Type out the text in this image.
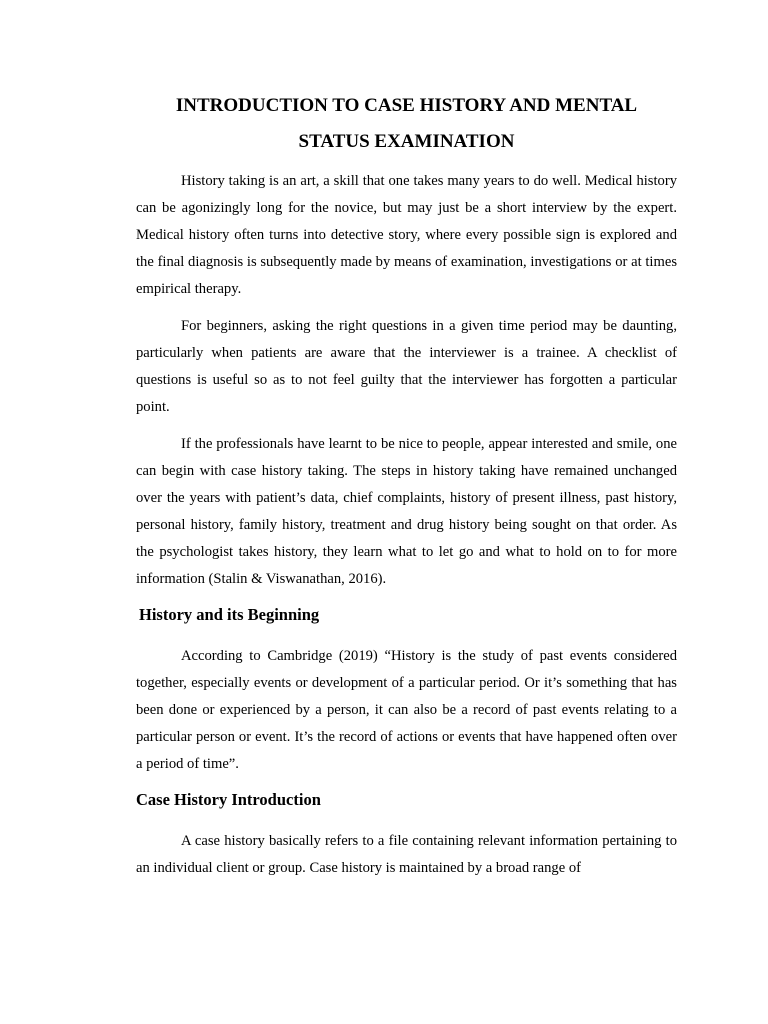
INTRODUCTION TO CASE HISTORY AND MENTAL
STATUS EXAMINATION

History taking is an art, a skill that one takes many years to do well. Medical history can be agonizingly long for the novice, but may just be a short interview by the expert. Medical history often turns into detective story, where every possible sign is explored and the final diagnosis is subsequently made by means of examination, investigations or at times empirical therapy.

For beginners, asking the right questions in a given time period may be daunting, particularly when patients are aware that the interviewer is a trainee. A checklist of questions is useful so as to not feel guilty that the interviewer has forgotten a particular point.

If the professionals have learnt to be nice to people, appear interested and smile, one can begin with case history taking. The steps in history taking have remained unchanged over the years with patient’s data, chief complaints, history of present illness, past history, personal history, family history, treatment and drug history being sought on that order. As the psychologist takes history, they learn what to let go and what to hold on to for more information (Stalin & Viswanathan, 2016).

History and its Beginning

According to Cambridge (2019) “History is the study of past events considered together, especially events or development of a particular period. Or it’s something that has been done or experienced by a person, it can also be a record of past events relating to a particular person or event. It’s the record of actions or events that have happened often over a period of time”.

Case History Introduction

A case history basically refers to a file containing relevant information pertaining to an individual client or group. Case history is maintained by a broad range of
